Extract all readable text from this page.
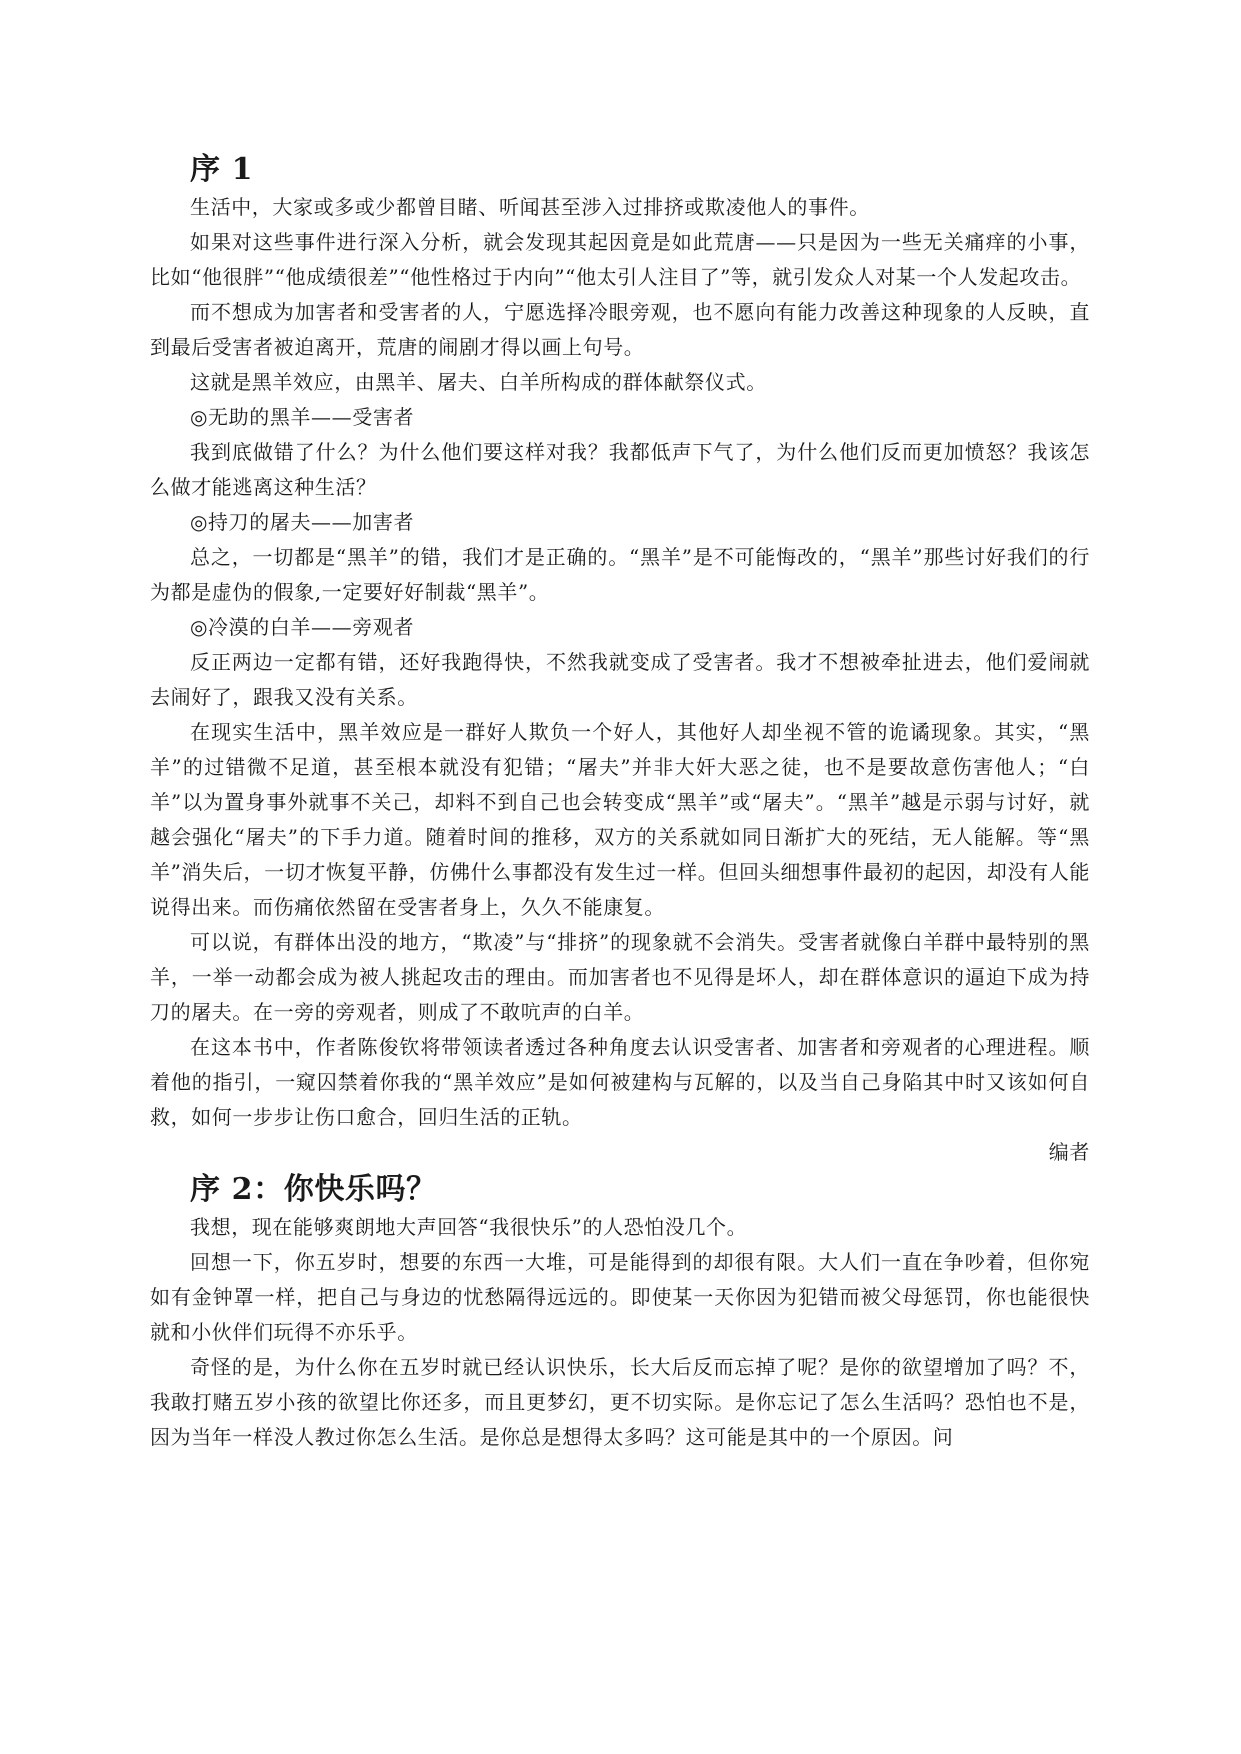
序 1

生活中，大家或多或少都曾目睹、听闻甚至涉入过排挤或欺凌他人的事件。

如果对这些事件进行深入分析，就会发现其起因竟是如此荒唐——只是因为一些无关痛痒的小事，比如“他很胖”“他成绩很差”“他性格过于内向”“他太引人注目了”等，就引发众人对某一个人发起攻击。

而不想成为加害者和受害者的人，宁愿选择冷眼旁观，也不愿向有能力改善这种现象的人反映，直到最后受害者被迫离开，荒唐的闹剧才得以画上句号。

这就是黑羊效应，由黑羊、屠夫、白羊所构成的群体献祭仪式。

◎无助的黑羊——受害者

我到底做错了什么？为什么他们要这样对我？我都低声下气了，为什么他们反而更加愤怒？我该怎么做才能逃离这种生活？

◎持刀的屠夫——加害者

总之，一切都是“黑羊”的错，我们才是正确的。“黑羊”是不可能悔改的，“黑羊”那些讨好我们的行为都是虚伪的假象,一定要好好制裁“黑羊”。

◎冷漠的白羊——旁观者

反正两边一定都有错，还好我跑得快，不然我就变成了受害者。我才不想被牵扯进去，他们爱闹就去闹好了，跟我又没有关系。

在现实生活中，黑羊效应是一群好人欺负一个好人，其他好人却坐视不管的诡谲现象。其实，“黑羊”的过错微不足道，甚至根本就没有犯错；“屠夫”并非大奸大恶之徒，也不是要故意伤害他人；“白羊”以为置身事外就事不关己，却料不到自己也会转变成“黑羊”或“屠夫”。“黑羊”越是示弱与讨好，就越会强化“屠夫”的下手力道。随着时间的推移，双方的关系就如同日渐扩大的死结，无人能解。等“黑羊”消失后，一切才恢复平静，仿佛什么事都没有发生过一样。但回头细想事件最初的起因，却没有人能说得出来。而伤痛依然留在受害者身上，久久不能康复。

可以说，有群体出没的地方，“欺凌”与“排挤”的现象就不会消失。受害者就像白羊群中最特别的黑羊，一举一动都会成为被人挑起攻击的理由。而加害者也不见得是坏人，却在群体意识的逼迫下成为持刀的屠夫。在一旁的旁观者，则成了不敢吭声的白羊。

在这本书中，作者陈俊钦将带领读者透过各种角度去认识受害者、加害者和旁观者的心理进程。顺着他的指引，一窥囚禁着你我的“黑羊效应”是如何被建构与瓦解的，以及当自己身陷其中时又该如何自救，如何一步步让伤口愈合，回归生活的正轨。

编者

序 2：你快乐吗？

我想，现在能够爽朗地大声回答“我很快乐”的人恐怕没几个。

回想一下，你五岁时，想要的东西一大堆，可是能得到的却很有限。大人们一直在争吵着，但你宛如有金钟罩一样，把自己与身边的忧愁隔得远远的。即使某一天你因为犯错而被父母惩罚，你也能很快就和小伙伴们玩得不亦乐乎。

奇怪的是，为什么你在五岁时就已经认识快乐，长大后反而忘掉了呢？是你的欲望增加了吗？不，我敢打赌五岁小孩的欲望比你还多，而且更梦幻，更不切实际。是你忘记了怎么生活吗？恐怕也不是，因为当年一样没人教过你怎么生活。是你总是想得太多吗？这可能是其中的一个原因。问
